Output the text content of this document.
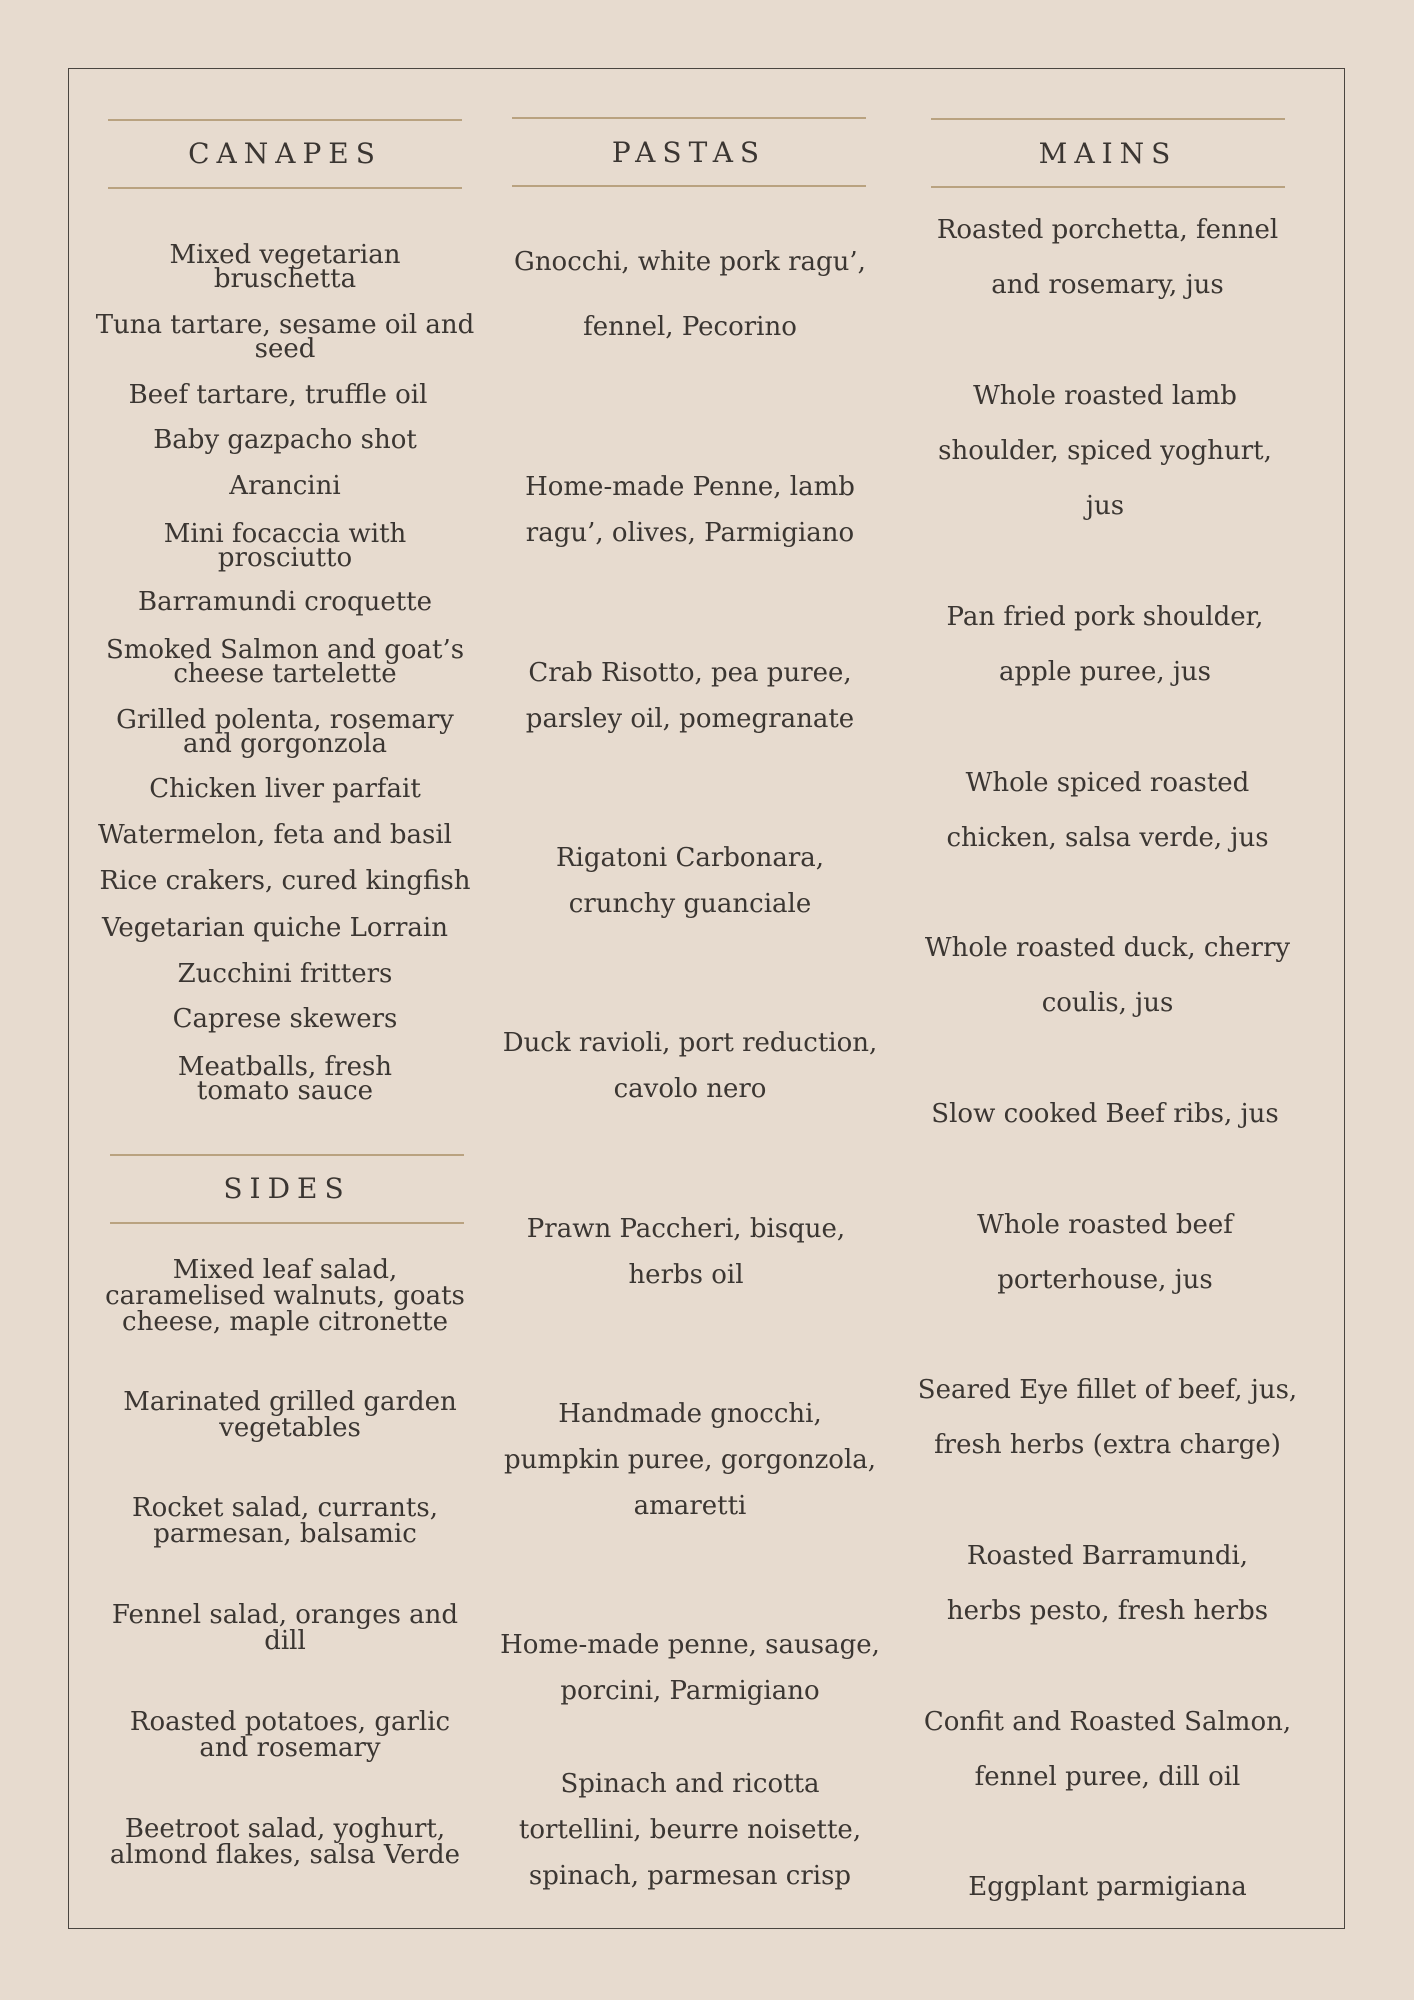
CANAPES
Mixed vegetarian
bruschetta
Tuna tartare, sesame oil and
seed
Beef tartare, truffle oil
Baby gazpacho shot
Arancini
Mini focaccia with
prosciutto
Barramundi croquette
Smoked Salmon and goat’s
cheese tartelette
Grilled polenta, rosemary
and gorgonzola
Chicken liver parfait
Watermelon, feta and basil
Rice crakers, cured kingfish
Vegetarian quiche Lorrain
Zucchini fritters
Caprese skewers
Meatballs, fresh
tomato sauce
SIDES
Mixed leaf salad,
caramelised walnuts, goats
cheese, maple citronette
Marinated grilled garden
vegetables
Rocket salad, currants,
parmesan, balsamic
Fennel salad, oranges and
dill
Roasted potatoes, garlic
and rosemary
Beetroot salad, yoghurt,
almond flakes, salsa Verde
PASTAS
Gnocchi, white pork ragu’,
fennel, Pecorino
Home-made Penne, lamb
ragu’, olives, Parmigiano
Crab Risotto, pea puree,
parsley oil, pomegranate
Rigatoni Carbonara,
crunchy guanciale
Duck ravioli, port reduction,
cavolo nero
Prawn Paccheri, bisque,
herbs oil
Handmade gnocchi,
pumpkin puree, gorgonzola,
amaretti
Home-made penne, sausage,
porcini, Parmigiano
Spinach and ricotta
tortellini, beurre noisette,
spinach, parmesan crisp
MAINS
Roasted porchetta, fennel
and rosemary, jus
Whole roasted lamb
shoulder, spiced yoghurt,
jus
Pan fried pork shoulder,
apple puree, jus
Whole spiced roasted
chicken, salsa verde, jus
Whole roasted duck, cherry
coulis, jus
Slow cooked Beef ribs, jus
Whole roasted beef
porterhouse, jus
Seared Eye fillet of beef, jus,
fresh herbs (extra charge)
Roasted Barramundi,
herbs pesto, fresh herbs
Confit and Roasted Salmon,
fennel puree, dill oil
Eggplant parmigiana
